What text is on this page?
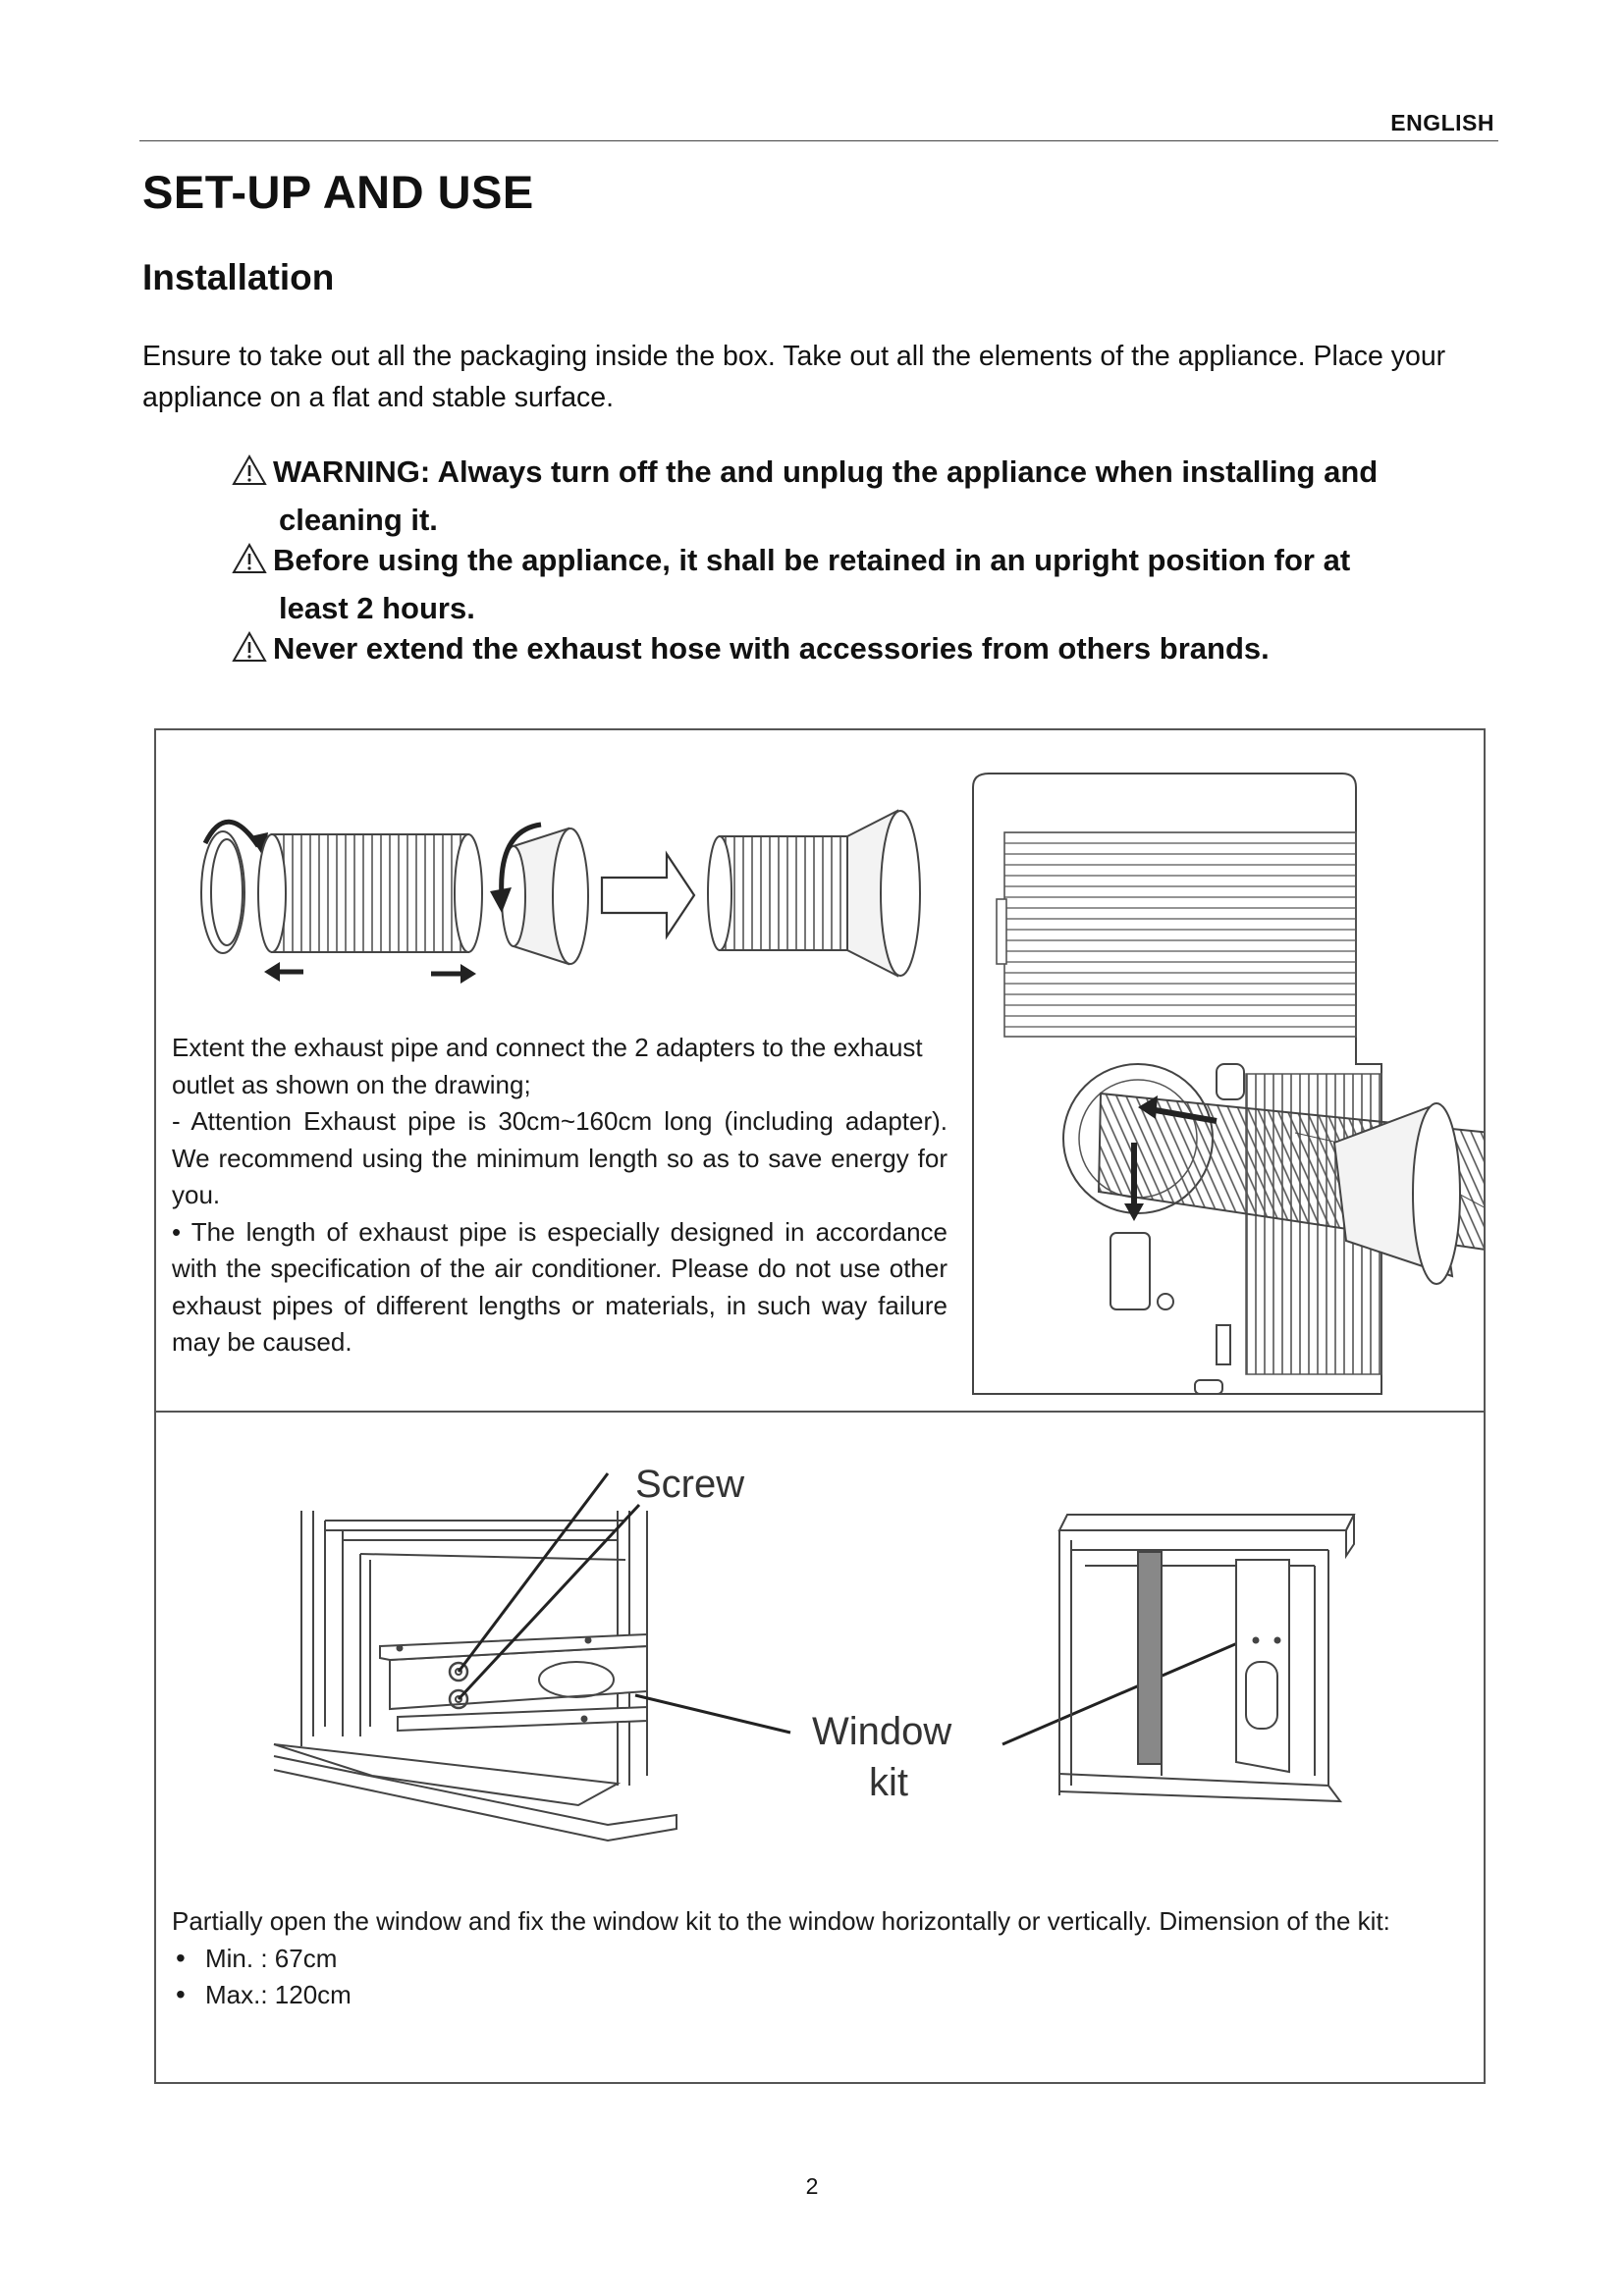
ENGLISH
SET-UP AND USE
Installation
Ensure to take out all the packaging inside the box. Take out all the elements of the appliance. Place your appliance on a flat and stable surface.
WARNING: Always turn off the and unplug the appliance when installing and
cleaning it.
Before using the appliance, it shall be retained in an upright position for at
least 2 hours.
Never extend the exhaust hose with accessories from others brands.

Extent the exhaust pipe and connect the 2 adapters to the exhaust outlet as shown on the drawing;

- Attention Exhaust pipe is 30cm~160cm long (including adapter). We recommend using the minimum length so as to save energy for you.

• The length of exhaust pipe is especially designed in accordance with the specification of the air conditioner. Please do not use other exhaust pipes of different lengths or materials, in such way failure may be caused.

Screw
Window
kit

Partially open the window and fix the window kit to the window horizontally or vertically. Dimension of the kit:

• Min. : 67cm
• Max.: 120cm
2
